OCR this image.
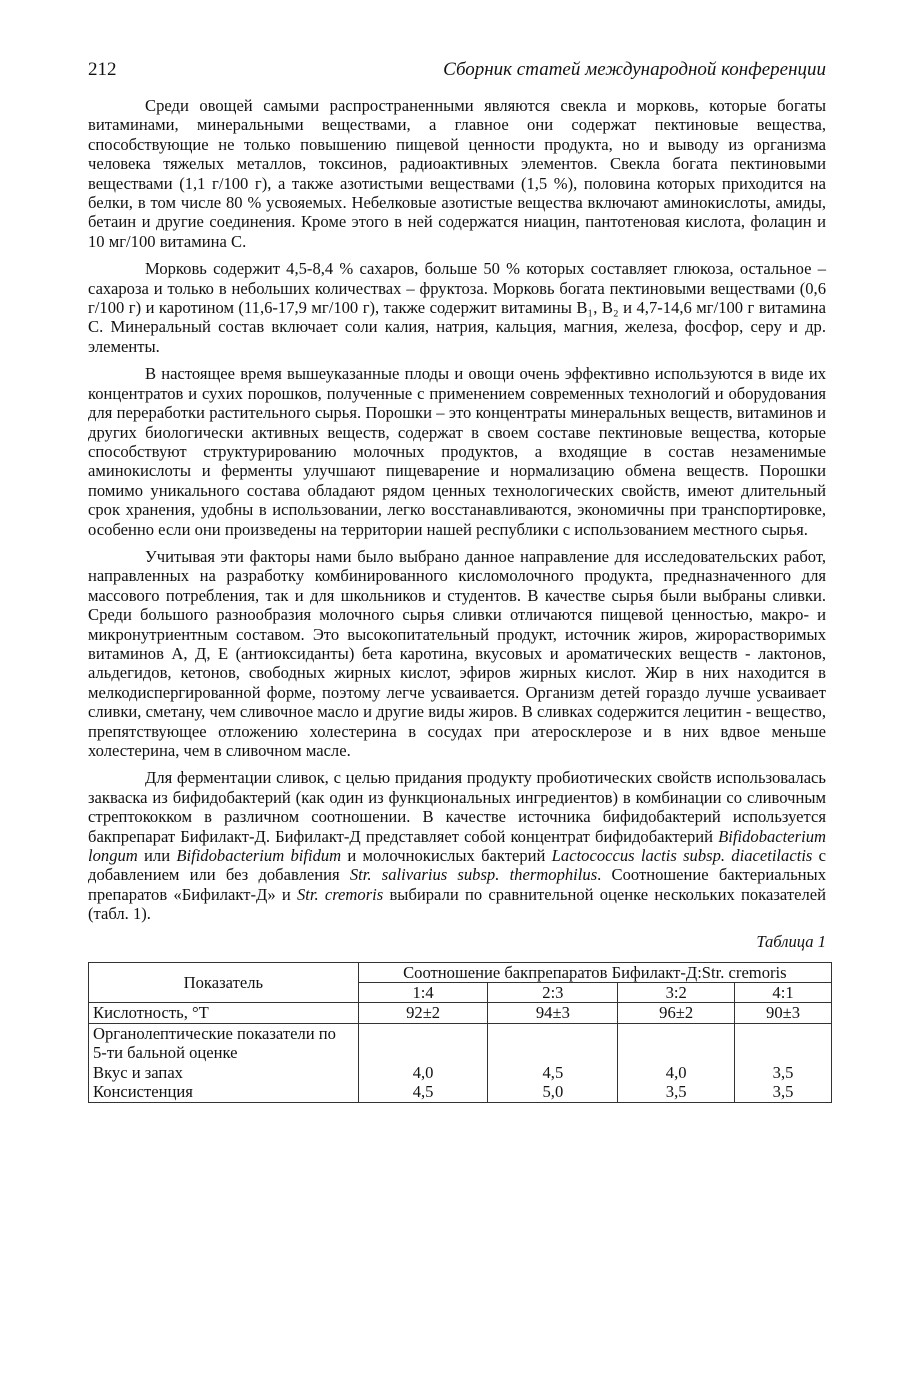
212	Сборник статей международной конференции

Среди овощей самыми распространенными являются свекла и морковь, которые богаты витаминами, минеральными веществами, а главное они содержат пектиновые вещества, способствующие не только повышению пищевой ценности продукта, но и выводу из организма человека тяжелых металлов, токсинов, радиоактивных элементов. Свекла богата пектиновыми веществами (1,1 г/100 г), а также азотистыми веществами (1,5 %), половина которых приходится на белки, в том числе 80 % усвояемых. Небелковые азотистые вещества включают аминокислоты, амиды, бетаин и другие соединения. Кроме этого в ней содержатся ниацин, пантотеновая кислота, фолацин и 10 мг/100 витамина С.

Морковь содержит 4,5-8,4 % сахаров, больше 50 % которых составляет глюкоза, остальное – сахароза и только в небольших количествах – фруктоза. Морковь богата пектиновыми веществами (0,6 г/100 г) и каротином (11,6-17,9 мг/100 г), также содержит витамины B₁, B₂ и 4,7-14,6 мг/100 г витамина С. Минеральный состав включает соли калия, натрия, кальция, магния, железа, фосфор, серу и др. элементы.

В настоящее время вышеуказанные плоды и овощи очень эффективно используются в виде их концентратов и сухих порошков, полученные с применением современных технологий и оборудования для переработки растительного сырья. Порошки – это концентраты минеральных веществ, витаминов и других биологически активных веществ, содержат в своем составе пектиновые вещества, которые способствуют структурированию молочных продуктов, а входящие в состав незаменимые аминокислоты и ферменты улучшают пищеварение и нормализацию обмена веществ. Порошки помимо уникального состава обладают рядом ценных технологических свойств, имеют длительный срок хранения, удобны в использовании, легко восстанавливаются, экономичны при транспортировке, особенно если они произведены на территории нашей республики с использованием местного сырья.

Учитывая эти факторы нами было выбрано данное направление для исследовательских работ, направленных на разработку комбинированного кисломолочного продукта, предназначенного для массового потребления, так и для школьников и студентов. В качестве сырья были выбраны сливки. Среди большого разнообразия молочного сырья сливки отличаются пищевой ценностью, макро- и микронутриентным составом. Это высокопитательный продукт, источник жиров, жирорастворимых витаминов А, Д, Е (антиоксиданты) бета каротина, вкусовых и ароматических веществ - лактонов, альдегидов, кетонов, свободных жирных кислот, эфиров жирных кислот. Жир в них находится в мелкодиспергированной форме, поэтому легче усваивается. Организм детей гораздо лучше усваивает сливки, сметану, чем сливочное масло и другие виды жиров. В сливках содержится лецитин - вещество, препятствующее отложению холестерина в сосудах при атеросклерозе и в них вдвое меньше холестерина, чем в сливочном масле.

Для ферментации сливок, с целью придания продукту пробиотических свойств использовалась закваска из бифидобактерий (как один из функциональных ингредиентов) в комбинации со сливочным стрептококком в различном соотношении. В качестве источника бифидобактерий используется бакпрепарат Бифилакт-Д. Бифилакт-Д представляет собой концентрат бифидобактерий Bifidobacterium longum или Bifidobacterium bifidum и молочнокислых бактерий Lactococcus lactis subsp. diacetilactis с добавлением или без добавления Str. salivarius subsp. thermophilus. Соотношение бактериальных препаратов «Бифилакт-Д» и Str. cremoris выбирали по сравнительной оценке нескольких показателей (табл. 1).

Таблица 1
Показатель	Соотношение бакпрепаратов Бифилакт-Д:Str. cremoris			
	1:4	2:3	3:2	4:1
Кислотность, °Т	92±2	94±3	96±2	90±3
Органолептические показатели по 5-ти бальной оценке				
Вкус и запах	4,0	4,5	4,0	3,5
Консистенция	4,5	5,0	3,5	3,5
